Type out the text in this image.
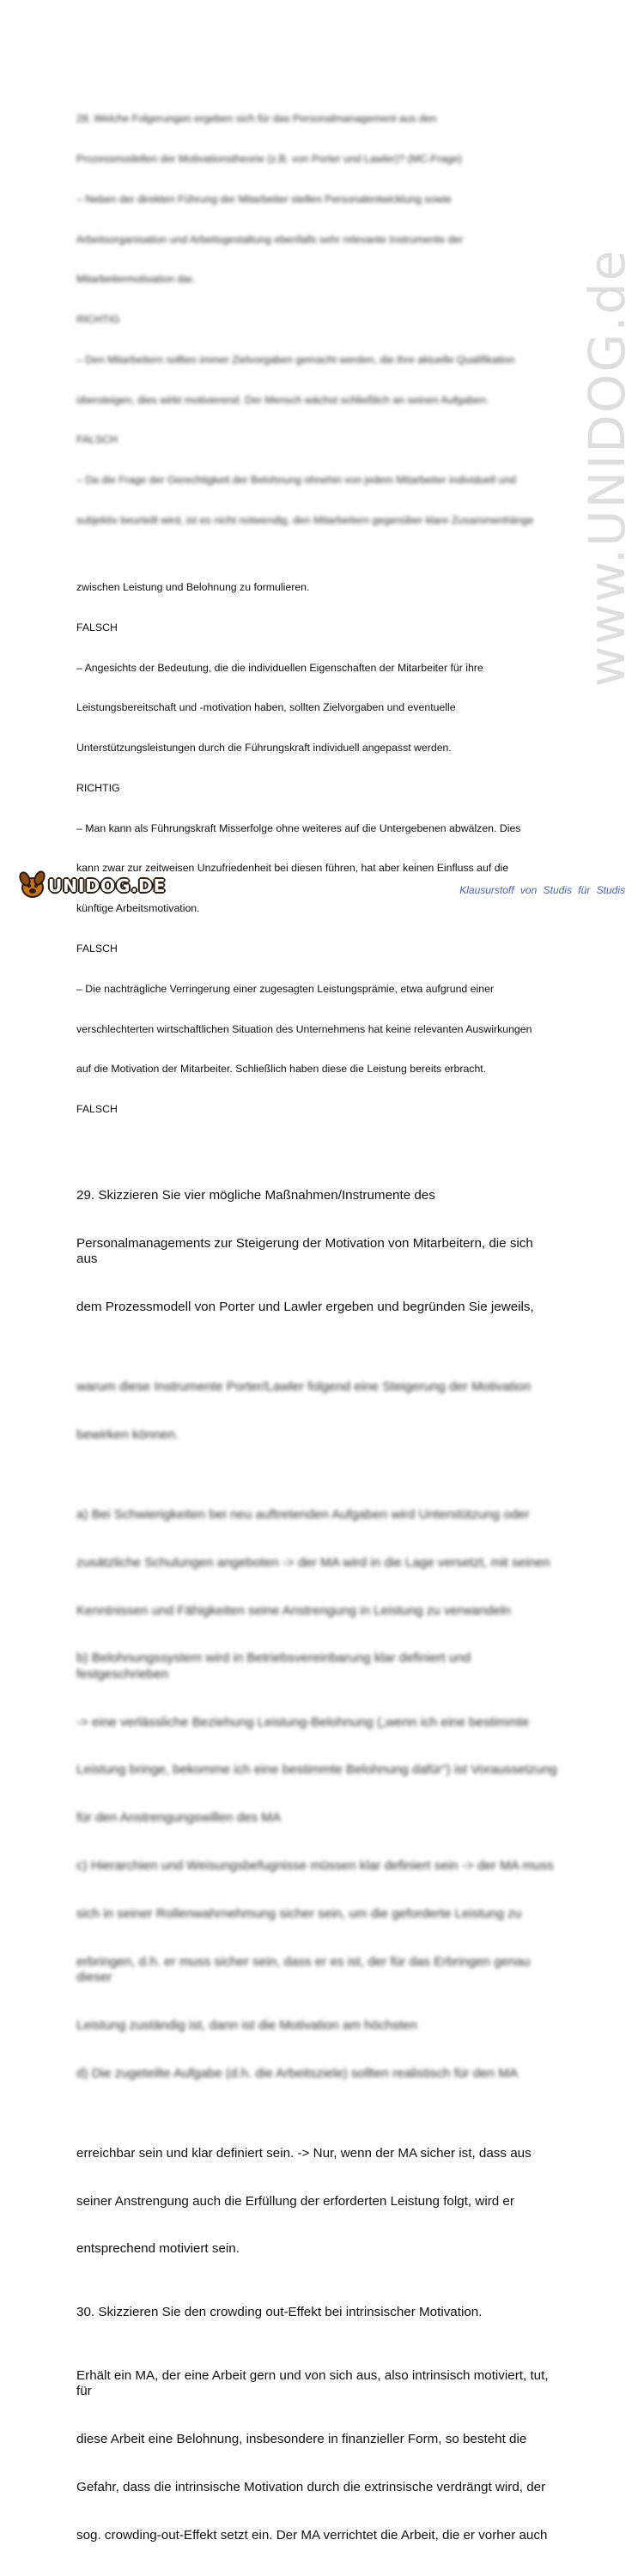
www.UNIDOG.de

28. Welche Folgerungen ergeben sich für das Personalmanagement aus den

Prozessmodellen der Motivationstheorie (z.B. von Porter und Lawler)? (MC-Frage)

– Neben der direkten Führung der Mitarbeiter stellen Personalentwicklung sowie

Arbeitsorganisation und Arbeitsgestaltung ebenfalls sehr relevante Instrumente der

Mitarbeitermotivation dar.

RICHTIG

– Den Mitarbeitern sollten immer Zielvorgaben gemacht werden, die ihre aktuelle Qualifikation

übersteigen, dies wirkt motivierend. Der Mensch wächst schließlich an seinen Aufgaben.

FALSCH

– Da die Frage der Gerechtigkeit der Belohnung ohnehin von jedem Mitarbeiter individuell und

subjektiv beurteilt wird, ist es nicht notwendig, den Mitarbeitern gegenüber klare Zusammenhänge

zwischen Leistung und Belohnung zu formulieren.

FALSCH

– Angesichts der Bedeutung, die die individuellen Eigenschaften der Mitarbeiter für ihre

Leistungsbereitschaft und -motivation haben, sollten Zielvorgaben und eventuelle

Unterstützungsleistungen durch die Führungskraft individuell angepasst werden.

RICHTIG

– Man kann als Führungskraft Misserfolge ohne weiteres auf die Untergebenen abwälzen. Dies

kann zwar zur zeitweisen Unzufriedenheit bei diesen führen, hat aber keinen Einfluss auf die

künftige Arbeitsmotivation.

FALSCH

– Die nachträgliche Verringerung einer zugesagten Leistungsprämie, etwa aufgrund einer

verschlechterten wirtschaftlichen Situation des Unternehmens hat keine relevanten Auswirkungen

auf die Motivation der Mitarbeiter. Schließlich haben diese die Leistung bereits erbracht.

FALSCH

29. Skizzieren Sie vier mögliche Maßnahmen/Instrumente des

Personalmanagements zur Steigerung der Motivation von Mitarbeitern, die sich aus

dem Prozessmodell von Porter und Lawler ergeben und begründen Sie jeweils,

warum diese Instrumente Porter/Lawler folgend eine Steigerung der Motivation

bewirken können.

a) Bei Schwierigkeiten bei neu auftretenden Aufgaben wird Unterstützung oder

zusätzliche Schulungen angeboten -> der MA wird in die Lage versetzt, mit seinen

Kenntnissen und Fähigkeiten seine Anstrengung in Leistung zu verwandeln

b) Belohnungssystem wird in Betriebsvereinbarung klar definiert und festgeschrieben

-> eine verlässliche Beziehung Leistung-Belohnung („wenn ich eine bestimmte

Leistung bringe, bekomme ich eine bestimmte Belohnung dafür“) ist Voraussetzung

für den Anstrengungswillen des MA

c) Hierarchien und Weisungsbefugnisse müssen klar definiert sein -> der MA muss

sich in seiner Rollenwahrnehmung sicher sein, um die geforderte Leistung zu

erbringen, d.h. er muss sicher sein, dass er es ist, der für das Erbringen genau dieser

Leistung zuständig ist, dann ist die Motivation am höchsten

d) Die zugeteilte Aufgabe (d.h. die Arbeitsziele) sollten realistisch für den MA

erreichbar sein und klar definiert sein. -> Nur, wenn der MA sicher ist, dass aus

seiner Anstrengung auch die Erfüllung der erforderten Leistung folgt, wird er

entsprechend motiviert sein.

30. Skizzieren Sie den crowding out-Effekt bei intrinsischer Motivation.

Erhält ein MA, der eine Arbeit gern und von sich aus, also intrinsisch motiviert, tut, für

diese Arbeit eine Belohnung, insbesondere in finanzieller Form, so besteht die

Gefahr, dass die intrinsische Motivation durch die extrinsische verdrängt wird, der

sog. crowding-out-Effekt setzt ein. Der MA verrichtet die Arbeit, die er vorher auch

UNIDOG.DE	Klausurstoff von Studis für Studis
